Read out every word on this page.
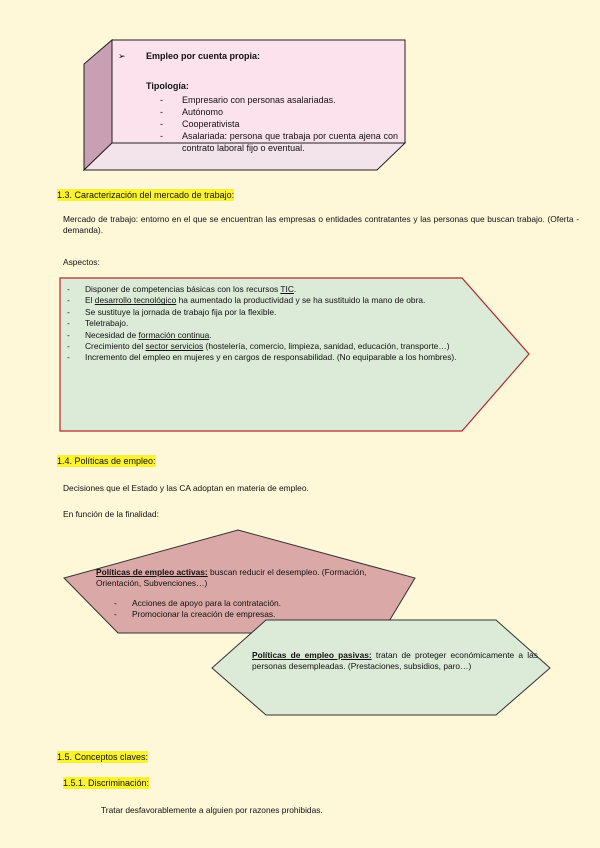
➢ Empleo por cuenta propia:
Tipología:
- Empresario con personas asalariadas.
- Autónomo
- Cooperativista
- Asalariada: persona que trabaja por cuenta ajena con contrato laboral fijo o eventual.
1.3. Caracterización del mercado de trabajo:
Mercado de trabajo: entorno en el que se encuentran las empresas o entidades contratantes y las personas que buscan trabajo. (Oferta - demanda).
Aspectos:
- Disponer de competencias básicas con los recursos TIC.
- El desarrollo tecnológico ha aumentado la productividad y se ha sustituido la mano de obra.
- Se sustituye la jornada de trabajo fija por la flexible.
- Teletrabajo.
- Necesidad de formación continua.
- Crecimiento del sector servicios (hostelería, comercio, limpieza, sanidad, educación, transporte…)
- Incremento del empleo en mujeres y en cargos de responsabilidad. (No equiparable a los hombres).
1.4. Políticas de empleo:
Decisiones que el Estado y las CA adoptan en materia de empleo.
En función de la finalidad:
Políticas de empleo activas: buscan reducir el desempleo. (Formación, Orientación, Subvenciones…)
- Acciones de apoyo para la contratación.
- Promocionar la creación de empresas.
Políticas de empleo pasivas: tratan de proteger económicamente a las personas desempleadas. (Prestaciones, subsidios, paro…)
1.5. Conceptos claves:
1.5.1. Discriminación:
Tratar desfavorablemente a alguien por razones prohibidas.
